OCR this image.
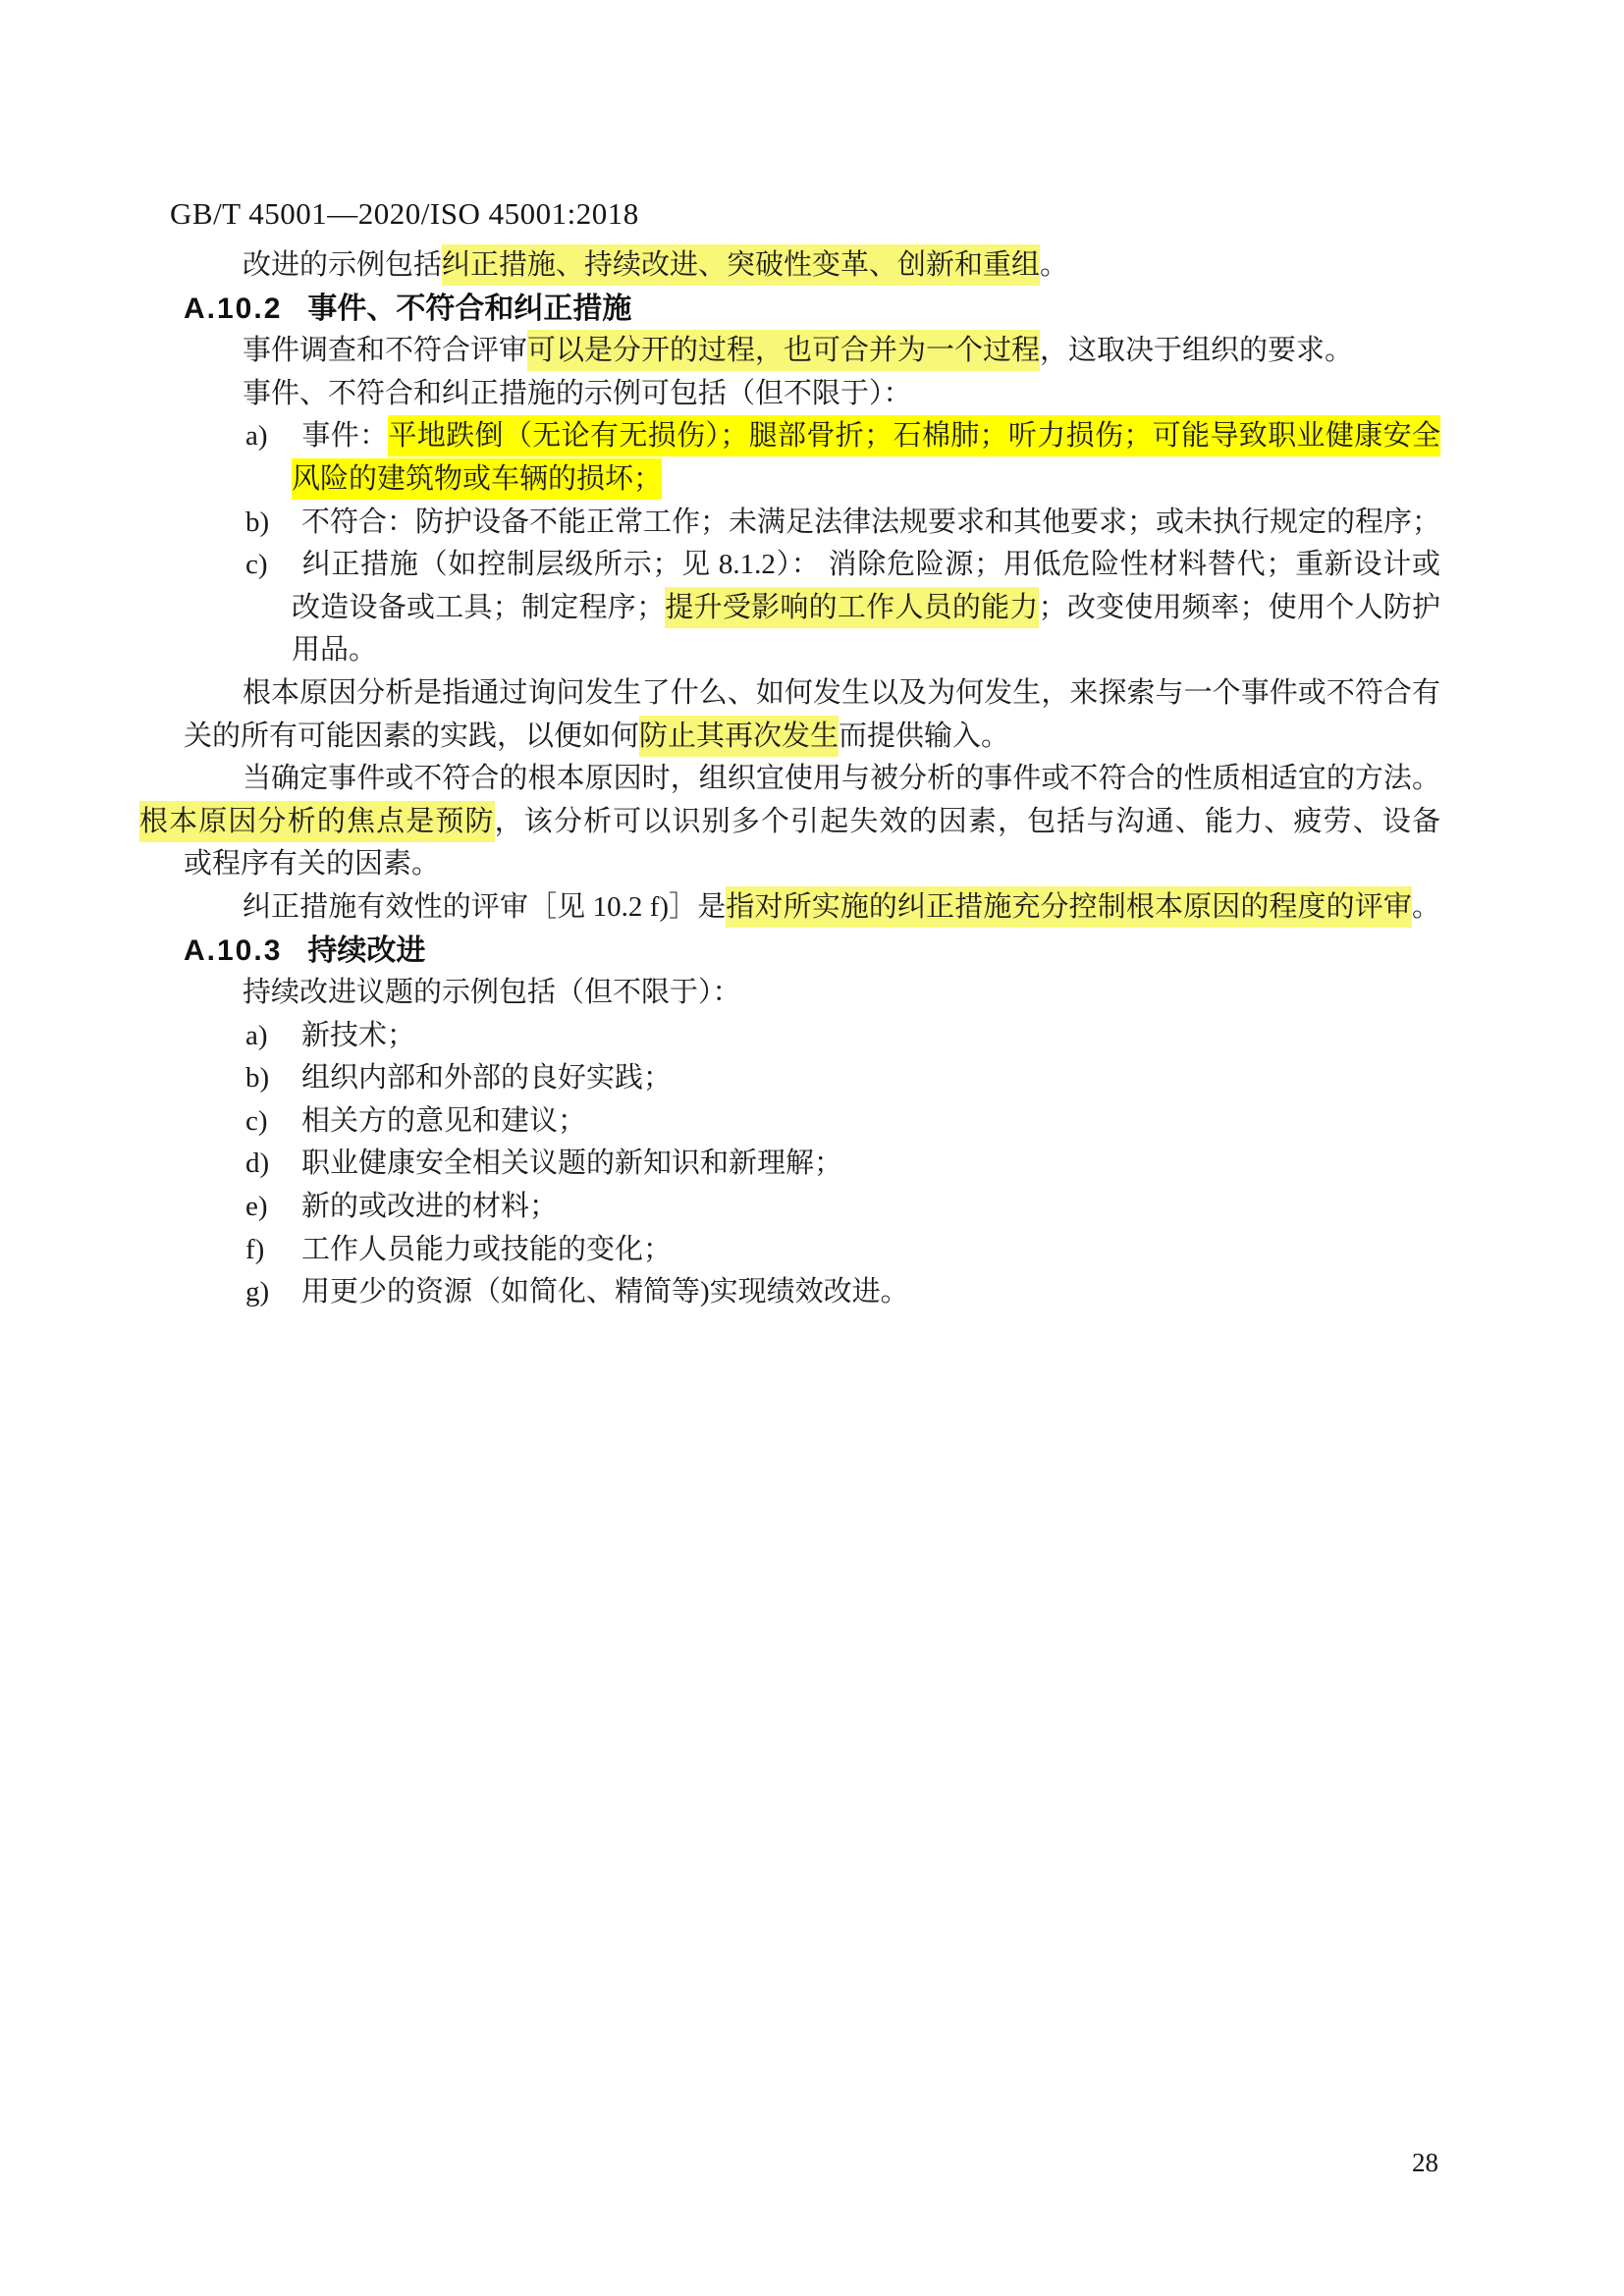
GB/T 45001—2020/ISO 45001:2018
改进的示例包括纠正措施、持续改进、突破性变革、创新和重组。
A.10.2 事件、不符合和纠正措施
事件调查和不符合评审可以是分开的过程，也可合并为一个过程，这取决于组织的要求。
事件、不符合和纠正措施的示例可包括（但不限于）：
a) 事件：平地跌倒（无论有无损伤）；腿部骨折；石棉肺；听力损伤；可能导致职业健康安全
风险的建筑物或车辆的损坏；
b) 不符合：防护设备不能正常工作；未满足法律法规要求和其他要求；或未执行规定的程序；
c) 纠正措施（如控制层级所示；见 8.1.2）： 消除危险源；用低危险性材料替代；重新设计或
改造设备或工具；制定程序；提升受影响的工作人员的能力；改变使用频率；使用个人防护
用品。
根本原因分析是指通过询问发生了什么、如何发生以及为何发生，来探索与一个事件或不符合有
关的所有可能因素的实践，以便如何防止其再次发生而提供输入。
当确定事件或不符合的根本原因时，组织宜使用与被分析的事件或不符合的性质相适宜的方法。
根本原因分析的焦点是预防，该分析可以识别多个引起失效的因素，包括与沟通、能力、疲劳、设备
或程序有关的因素。
纠正措施有效性的评审［见 10.2 f)］是指对所实施的纠正措施充分控制根本原因的程度的评审。
A.10.3 持续改进
持续改进议题的示例包括（但不限于）：
a) 新技术；
b) 组织内部和外部的良好实践；
c) 相关方的意见和建议；
d) 职业健康安全相关议题的新知识和新理解；
e) 新的或改进的材料；
f) 工作人员能力或技能的变化；
g) 用更少的资源（如简化、精简等)实现绩效改进。
28
